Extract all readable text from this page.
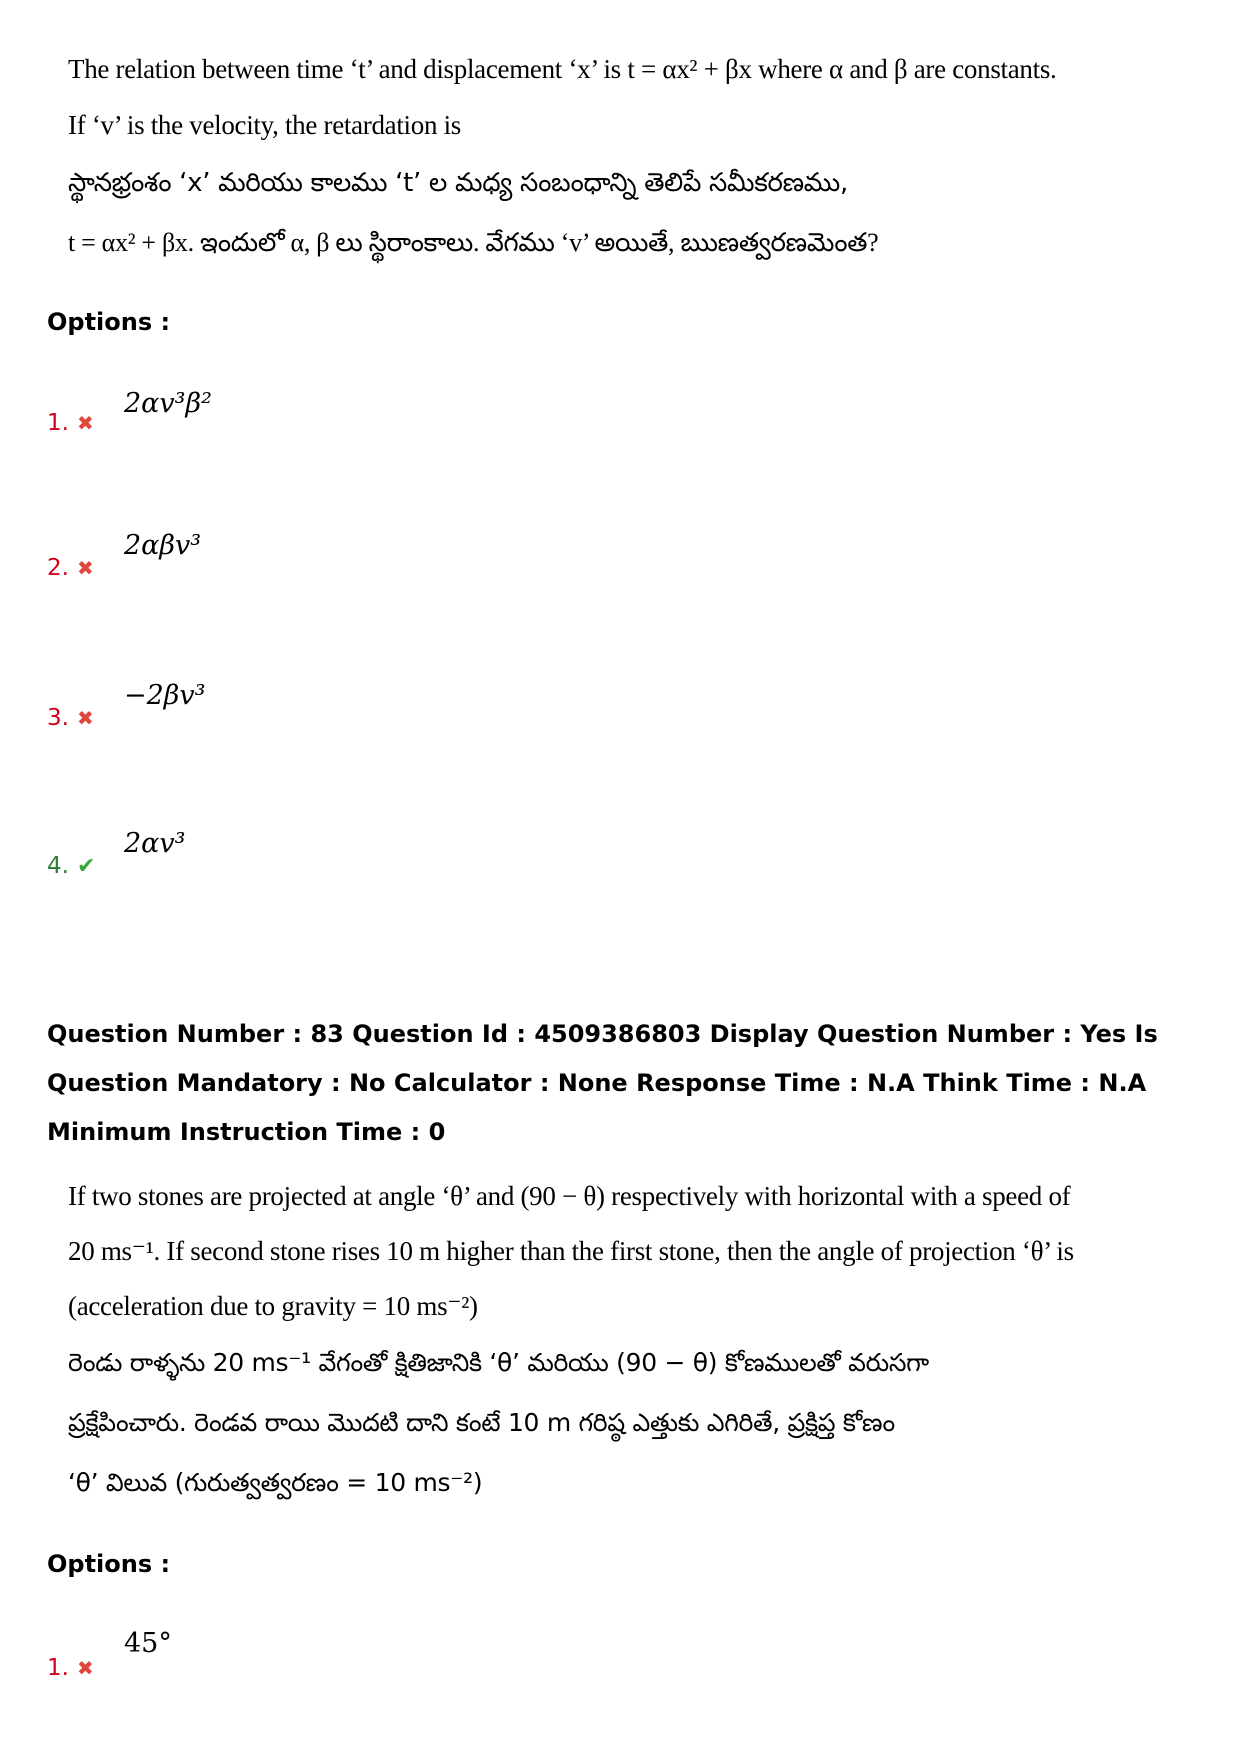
The relation between time ‘t’ and displacement ‘x’ is t = αx² + βx where α and β are constants.
If ‘v’ is the velocity, the retardation is
స్థానభ్రంశం ‘x’ మరియు కాలము ‘t’ ల మధ్య సంబంధాన్ని తెలిపే సమీకరణము,
t = αx² + βx. ఇందులో α, β లు స్థిరాంకాలు. వేగము ‘v’ అయితే, ఋణత్వరణమెంత?
Options :
2αv³β²
1. ✖
2αβv³
2. ✖
−2βv³
3. ✖
2αv³
4. ✔
Question Number : 83 Question Id : 4509386803 Display Question Number : Yes Is Question Mandatory : No Calculator : None Response Time : N.A Think Time : N.A Minimum Instruction Time : 0
If two stones are projected at angle ‘θ’ and (90 − θ) respectively with horizontal with a speed of
20 ms⁻¹. If second stone rises 10 m higher than the first stone, then the angle of projection ‘θ’ is
(acceleration due to gravity = 10 ms⁻²)
రెండు రాళ్ళను 20 ms⁻¹ వేగంతో క్షితిజానికి ‘θ’ మరియు (90 − θ) కోణములతో వరుసగా
ప్రక్షేపించారు. రెండవ రాయి మొదటి దాని కంటే 10 m గరిష్ఠ ఎత్తుకు ఎగిరితే, ప్రక్షిప్త కోణం
‘θ’ విలువ (గురుత్వత్వరణం = 10 ms⁻²)
Options :
45°
1. ✖
